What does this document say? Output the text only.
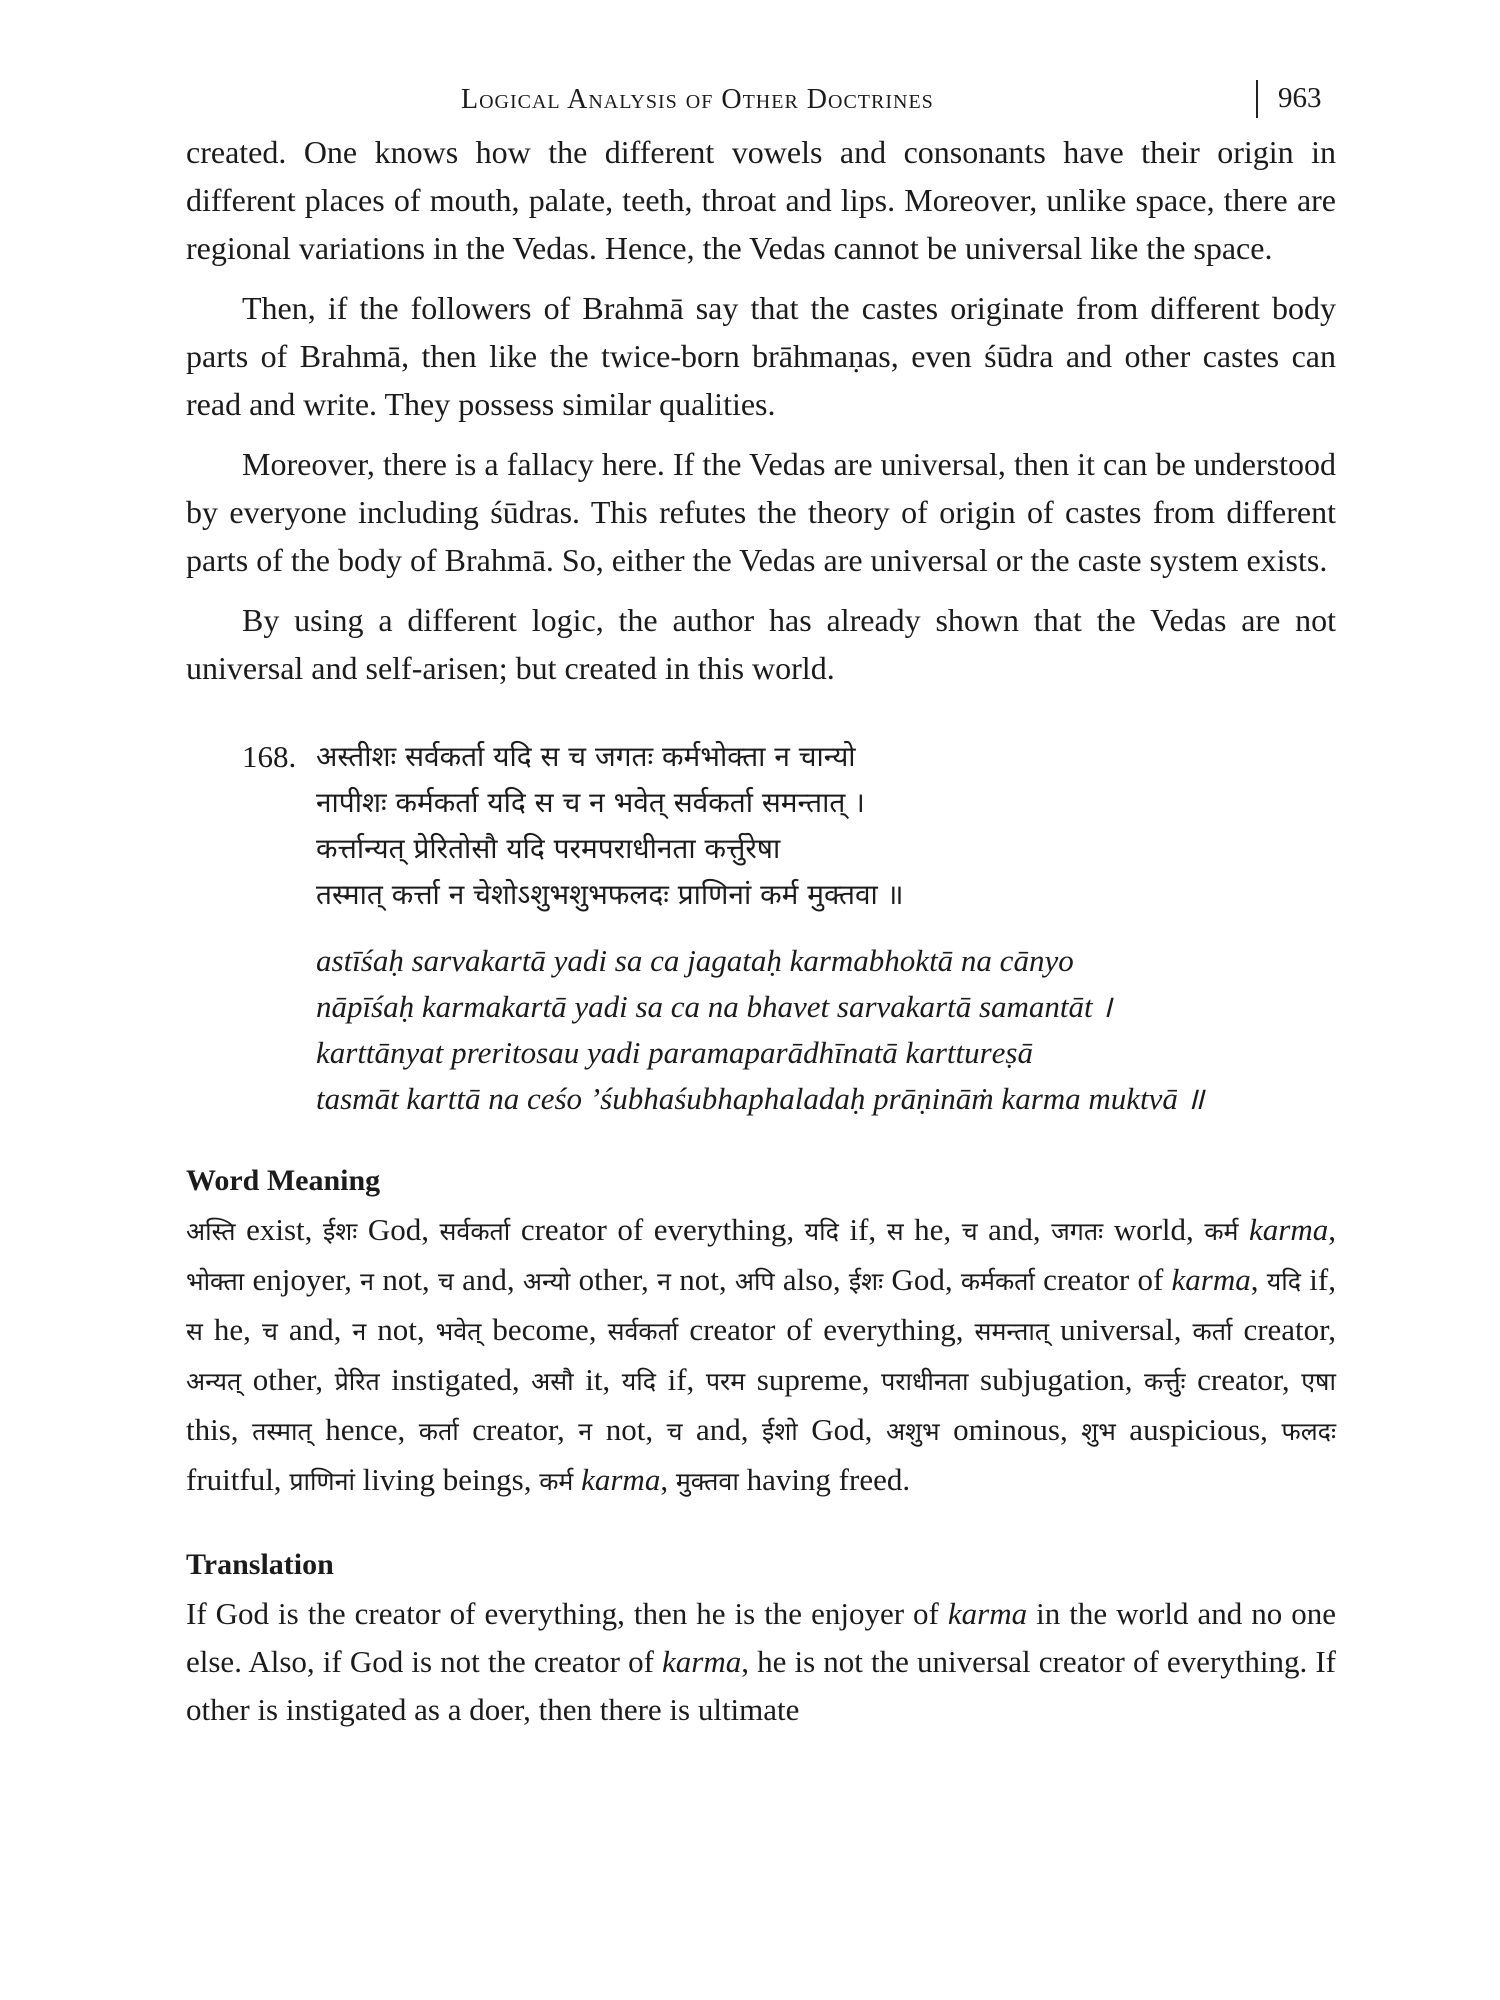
Logical Analysis of Other Doctrines	963

created. One knows how the different vowels and consonants have their origin in different places of mouth, palate, teeth, throat and lips. Moreover, unlike space, there are regional variations in the Vedas. Hence, the Vedas cannot be universal like the space.

Then, if the followers of Brahmā say that the castes originate from different body parts of Brahmā, then like the twice-born brāhmaṇas, even śūdra and other castes can read and write. They possess similar qualities.

Moreover, there is a fallacy here. If the Vedas are universal, then it can be understood by everyone including śūdras. This refutes the theory of origin of castes from different parts of the body of Brahmā. So, either the Vedas are universal or the caste system exists.

By using a different logic, the author has already shown that the Vedas are not universal and self-arisen; but created in this world.

168. अस्तीशः सर्वकर्ता यदि स च जगतः कर्मभोक्ता न चान्यो
नापीशः कर्मकर्ता यदि स च न भवेत् सर्वकर्ता समन्तात् ।
कर्त्तान्यत् प्रेरितोसौ यदि परमपराधीनता कर्त्तुरेषा
तस्मात् कर्त्ता न चेशोऽशुभशुभफलदः प्राणिनां कर्म मुक्तवा ॥
astīśaḥ sarvakartā yadi sa ca jagataḥ karmabhoktā na cānyo
nāpīśaḥ karmakartā yadi sa ca na bhavet sarvakartā samantāt ।
karttānyat preritosau yadi paramaparādhīnatā kartturеṣā
tasmāt karttā na ceśo ’śubhaśubhaphaladaḥ prāṇināṁ karma muktvā ॥
Word Meaning
अस्ति exist, ईशः God, सर्वकर्ता creator of everything, यदि if, स he, च and, जगतः world, कर्म karma, भोक्ता enjoyer, न not, च and, अन्यो other, न not, अपि also, ईशः God, कर्मकर्ता creator of karma, यदि if, स he, च and, न not, भवेत् become, सर्वकर्ता creator of everything, समन्तात् universal, कर्ता creator, अन्यत् other, प्रेरित instigated, असौ it, यदि if, परम supreme, पराधीनता subjugation, कर्त्तुः creator, एषा this, तस्मात् hence, कर्ता creator, न not, च and, ईशो God, अशुभ ominous, शुभ auspicious, फलदः fruitful, प्राणिनां living beings, कर्म karma, मुक्तवा having freed.
Translation
If God is the creator of everything, then he is the enjoyer of karma in the world and no one else. Also, if God is not the creator of karma, he is not the universal creator of everything. If other is instigated as a doer, then there is ultimate
